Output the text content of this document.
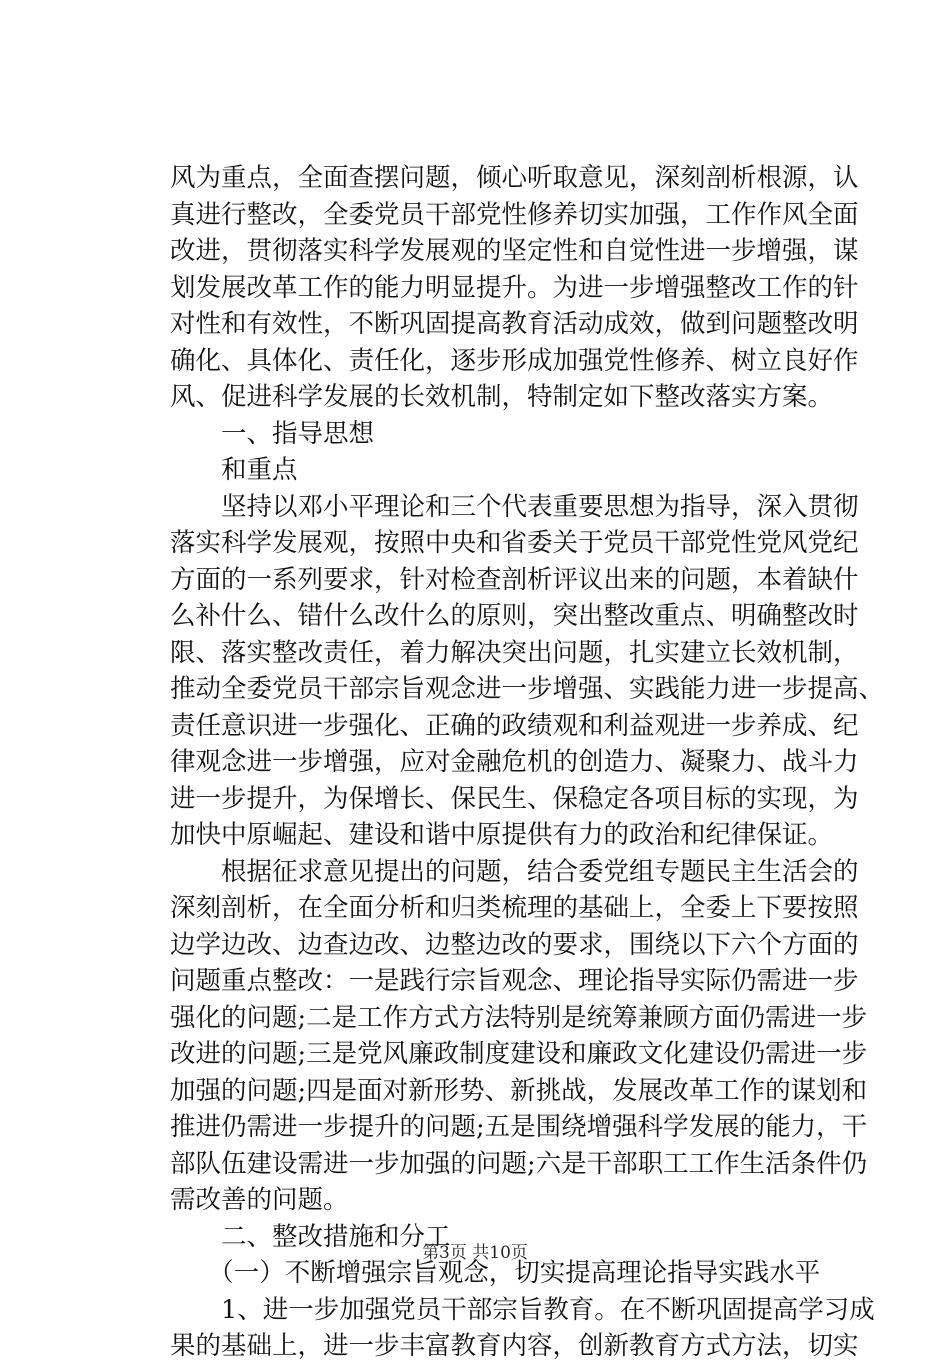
风为重点，全面查摆问题，倾心听取意见，深刻剖析根源，认
真进行整改，全委党员干部党性修养切实加强，工作作风全面
改进，贯彻落实科学发展观的坚定性和自觉性进一步增强，谋
划发展改革工作的能力明显提升。为进一步增强整改工作的针
对性和有效性，不断巩固提高教育活动成效，做到问题整改明
确化、具体化、责任化，逐步形成加强党性修养、树立良好作
风、促进科学发展的长效机制，特制定如下整改落实方案。
　　一、指导思想
　　和重点
　　坚持以邓小平理论和三个代表重要思想为指导，深入贯彻
落实科学发展观，按照中央和省委关于党员干部党性党风党纪
方面的一系列要求，针对检查剖析评议出来的问题，本着缺什
么补什么、错什么改什么的原则，突出整改重点、明确整改时
限、落实整改责任，着力解决突出问题，扎实建立长效机制，
推动全委党员干部宗旨观念进一步增强、实践能力进一步提高、
责任意识进一步强化、正确的政绩观和利益观进一步养成、纪
律观念进一步增强，应对金融危机的创造力、凝聚力、战斗力
进一步提升，为保增长、保民生、保稳定各项目标的实现，为
加快中原崛起、建设和谐中原提供有力的政治和纪律保证。
　　根据征求意见提出的问题，结合委党组专题民主生活会的
深刻剖析，在全面分析和归类梳理的基础上，全委上下要按照
边学边改、边查边改、边整边改的要求，围绕以下六个方面的
问题重点整改：一是践行宗旨观念、理论指导实际仍需进一步
强化的问题;二是工作方式方法特别是统筹兼顾方面仍需进一步
改进的问题;三是党风廉政制度建设和廉政文化建设仍需进一步
加强的问题;四是面对新形势、新挑战，发展改革工作的谋划和
推进仍需进一步提升的问题;五是围绕增强科学发展的能力，干
部队伍建设需进一步加强的问题;六是干部职工工作生活条件仍
需改善的问题。
　　二、整改措施和分工
　　（一）不断增强宗旨观念，切实提高理论指导实践水平
　　1、进一步加强党员干部宗旨教育。在不断巩固提高学习成
果的基础上，进一步丰富教育内容，创新教育方式方法，切实
第3页 共10页
